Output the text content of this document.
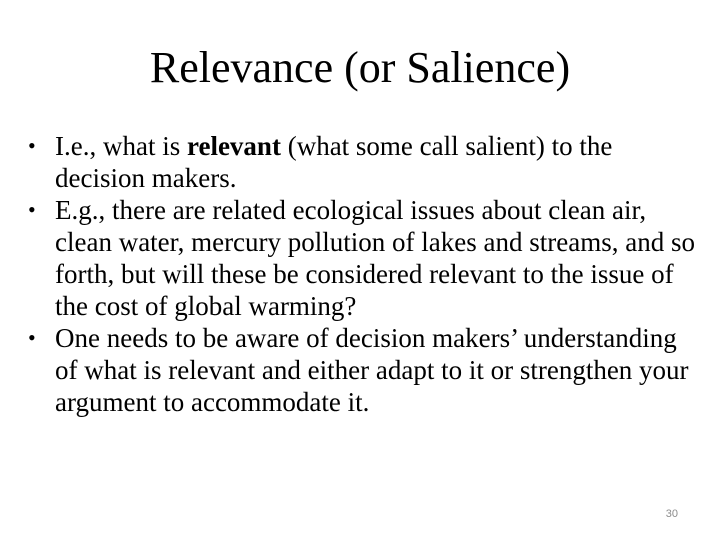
Relevance (or Salience)
• I.e., what is relevant (what some call salient) to the decision makers.
• E.g., there are related ecological issues about clean air, clean water, mercury pollution of lakes and streams, and so forth, but will these be considered relevant to the issue of the cost of global warming?
• One needs to be aware of decision makers’ understanding of what is relevant and either adapt to it or strengthen your argument to accommodate it.
30
